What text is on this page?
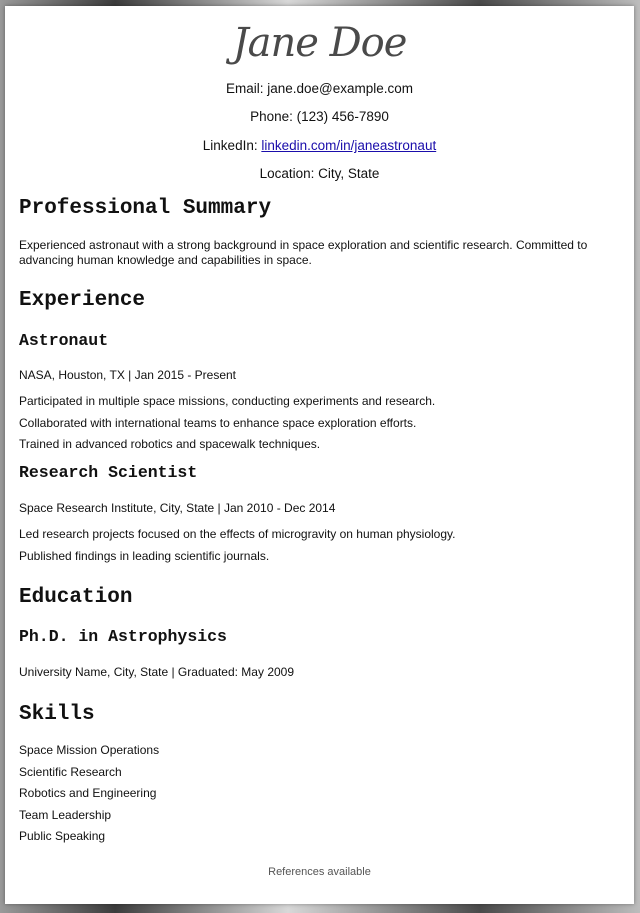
Jane Doe
Email: jane.doe@example.com
Phone: (123) 456-7890
LinkedIn: linkedin.com/in/janeastronaut
Location: City, State
Professional Summary
Experienced astronaut with a strong background in space exploration and scientific research. Committed to advancing human knowledge and capabilities in space.
Experience
Astronaut
NASA, Houston, TX | Jan 2015 - Present
Participated in multiple space missions, conducting experiments and research.
Collaborated with international teams to enhance space exploration efforts.
Trained in advanced robotics and spacewalk techniques.
Research Scientist
Space Research Institute, City, State | Jan 2010 - Dec 2014
Led research projects focused on the effects of microgravity on human physiology.
Published findings in leading scientific journals.
Education
Ph.D. in Astrophysics
University Name, City, State | Graduated: May 2009
Skills
Space Mission Operations
Scientific Research
Robotics and Engineering
Team Leadership
Public Speaking
References available
